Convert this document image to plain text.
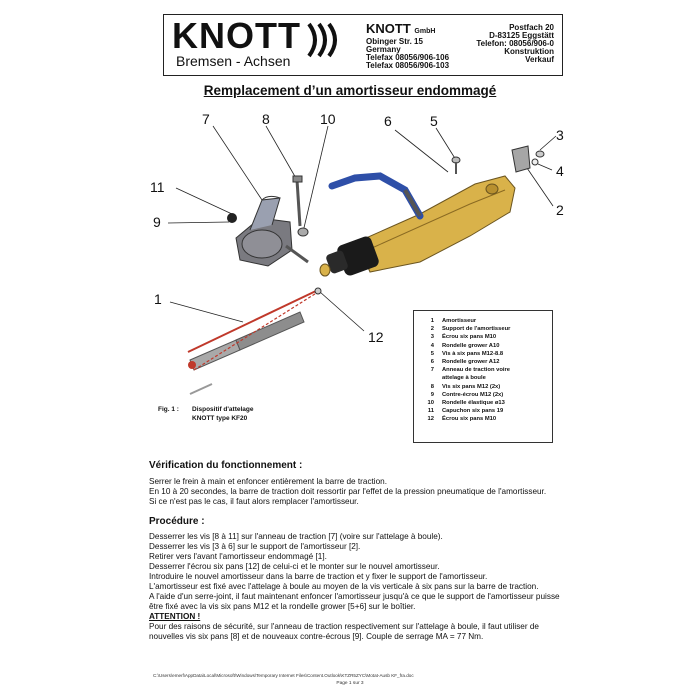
KNOTT
Bremsen - Achsen
KNOTT GmbH
Obinger Str. 15
Germany
Telefax 08056/906-106
Telefax 08056/906-103
Postfach 20
D-83125 Eggstätt
Telefon: 08056/906-0
Konstruktion
Verkauf
Remplacement d’un amortisseur endommagé
7	8	10	6	5
3
4
2
11
9
1
12
1 Amortisseur
2 Support de l'amortisseur
3 Écrou six pans M10
4 Rondelle grower A10
5 Vis à six pans M12-8.8
6 Rondelle grower A12
7 Anneau de traction voire
attelage à boule
8 Vis six pans M12 (2x)
9 Contre-écrou M12 (2x)
10 Rondelle élastique ø13
11 Capuchon six pans 19
12 Écrou six pans M10
Fig. 1 : Dispositif d'attelage
KNOTT type KF20
Vérification du fonctionnement :
Serrer le frein à main et enfoncer entièrement la barre de traction.
En 10 à 20 secondes, la barre de traction doit ressortir par l'effet de la pression pneumatique de l'amortisseur.
Si ce n'est pas le cas, il faut alors remplacer l'amortisseur.
Procédure :
Desserrer les vis [8 à 11] sur l'anneau de traction [7] (voire sur l'attelage à boule).
Desserrer les vis [3 à 6] sur le support de l'amortisseur [2].
Retirer vers l'avant l'amortisseur endommagé [1].
Desserrer l'écrou six pans [12] de celui-ci et le monter sur le nouvel amortisseur.
Introduire le nouvel amortisseur dans la barre de traction et y fixer le support de l'amortisseur.
L'amortisseur est fixé avec l'attelage à boule au moyen de la vis verticale à six pans sur la barre de traction.
A l'aide d'un serre-joint, il faut maintenant enfoncer l'amortisseur jusqu'à ce que le support de l'amortisseur puisse
être fixé avec la vis six pans M12 et la rondelle grower [5+6] sur le boîtier.
ATTENTION !
Pour des raisons de sécurité, sur l'anneau de traction respectivement sur l'attelage à boule, il faut utiliser de
nouvelles vis six pans [8] et de nouveaux contre-écrous [9]. Couple de serrage MA = 77 Nm.
C:\Users\emerl\AppData\Local\Microsoft\Windows\Temporary Internet Files\Content.Outlook\KTZR5ZYC\Motat-Ausb KF_fra.doc
Page 1 sur 3
